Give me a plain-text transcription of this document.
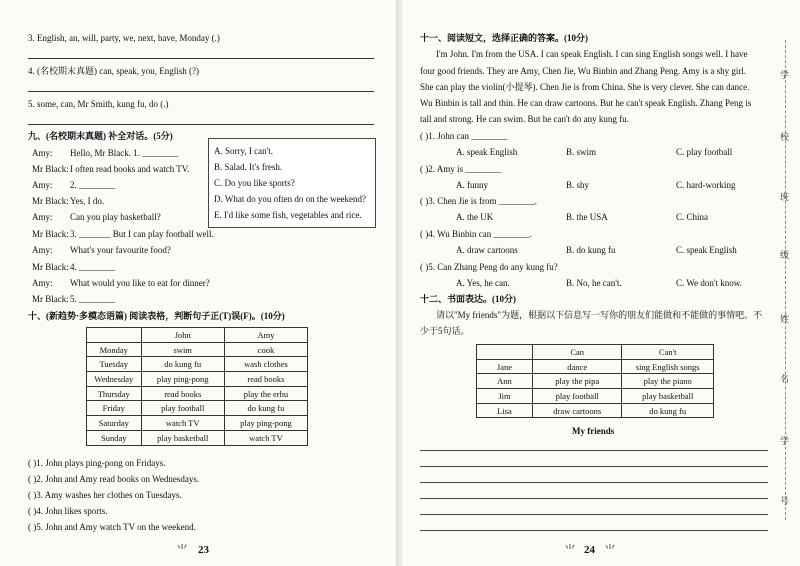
3. English, an, will, party, we, next, have, Monday (.)
4. (名校期末真题) can, speak, you, English (?)
5. some, can, Mr Smith, kung fu, do (.)
九、(名校期末真题) 补全对话。(5分)
Amy: Hello, Mr Black. 1. ________
Mr Black: I often read books and watch TV.
Amy: 2. ________
Mr Black: Yes, I do.
Amy: Can you play basketball?
Mr Black: 3. _______ But I can play football well.
Amy: What's your favourite food?
Mr Black: 4. ________
Amy: What would you like to eat for dinner?
Mr Black: 5. ________
A. Sorry, I can't.
B. Salad. It's fresh.
C. Do you like sports?
D. What do you often do on the weekend?
E. I'd like some fish, vegetables and rice.
十、(新趋势·多模态语篇) 阅读表格，判断句子正(T)误(F)。(10分)
	John	Amy
Monday	swim	cook
Tuesday	do kung fu	wash clothes
Wednesday	play ping-pong	read books
Thursday	read books	play the erhu
Friday	play football	do kung fu
Saturday	watch TV	play ping-pong
Sunday	play basketball	watch TV
( )1. John plays ping-pong on Fridays.
( )2. John and Amy read books on Wednesdays.
( )3. Amy washes her clothes on Tuesdays.
( )4. John likes sports.
( )5. John and Amy watch TV on the weekend.
⺌ 23
十一、阅读短文，选择正确的答案。(10分)
I'm John. I'm from the USA. I can speak English. I can sing English songs well. I have
four good friends. They are Amy, Chen Jie, Wu Binbin and Zhang Peng. Amy is a shy girl.
She can play the violin(小提琴). Chen Jie is from China. She is very clever. She can dance.
Wu Binbin is tall and thin. He can draw cartoons. But he can't speak English. Zhang Peng is
tall and strong. He can swim. But he can't do any kung fu.
( )1. John can ________
A. speak English	B. swim	C. play football
( )2. Amy is ________
A. funny	B. shy	C. hard-working
( )3. Chen Jie is from ________.
A. the UK	B. the USA	C. China
( )4. Wu Binbin can ________.
A. draw cartoons	B. do kung fu	C. speak English
( )5. Can Zhang Peng do any kung fu?
A. Yes, he can.	B. No, he can't.	C. We don't know.
十二、书面表达。(10分)
请以"My friends"为题，根据以下信息写一写你的朋友们能做和不能做的事情吧。不
少于5句话。
	Can	Can't
Jane	dance	sing English songs
Ann	play the pipa	play the piano
Jim	play football	play basketball
Lisa	draw cartoons	do kung fu
My friends
⺌ 24 ⺌
学
校
班
级
姓
名
学
号
